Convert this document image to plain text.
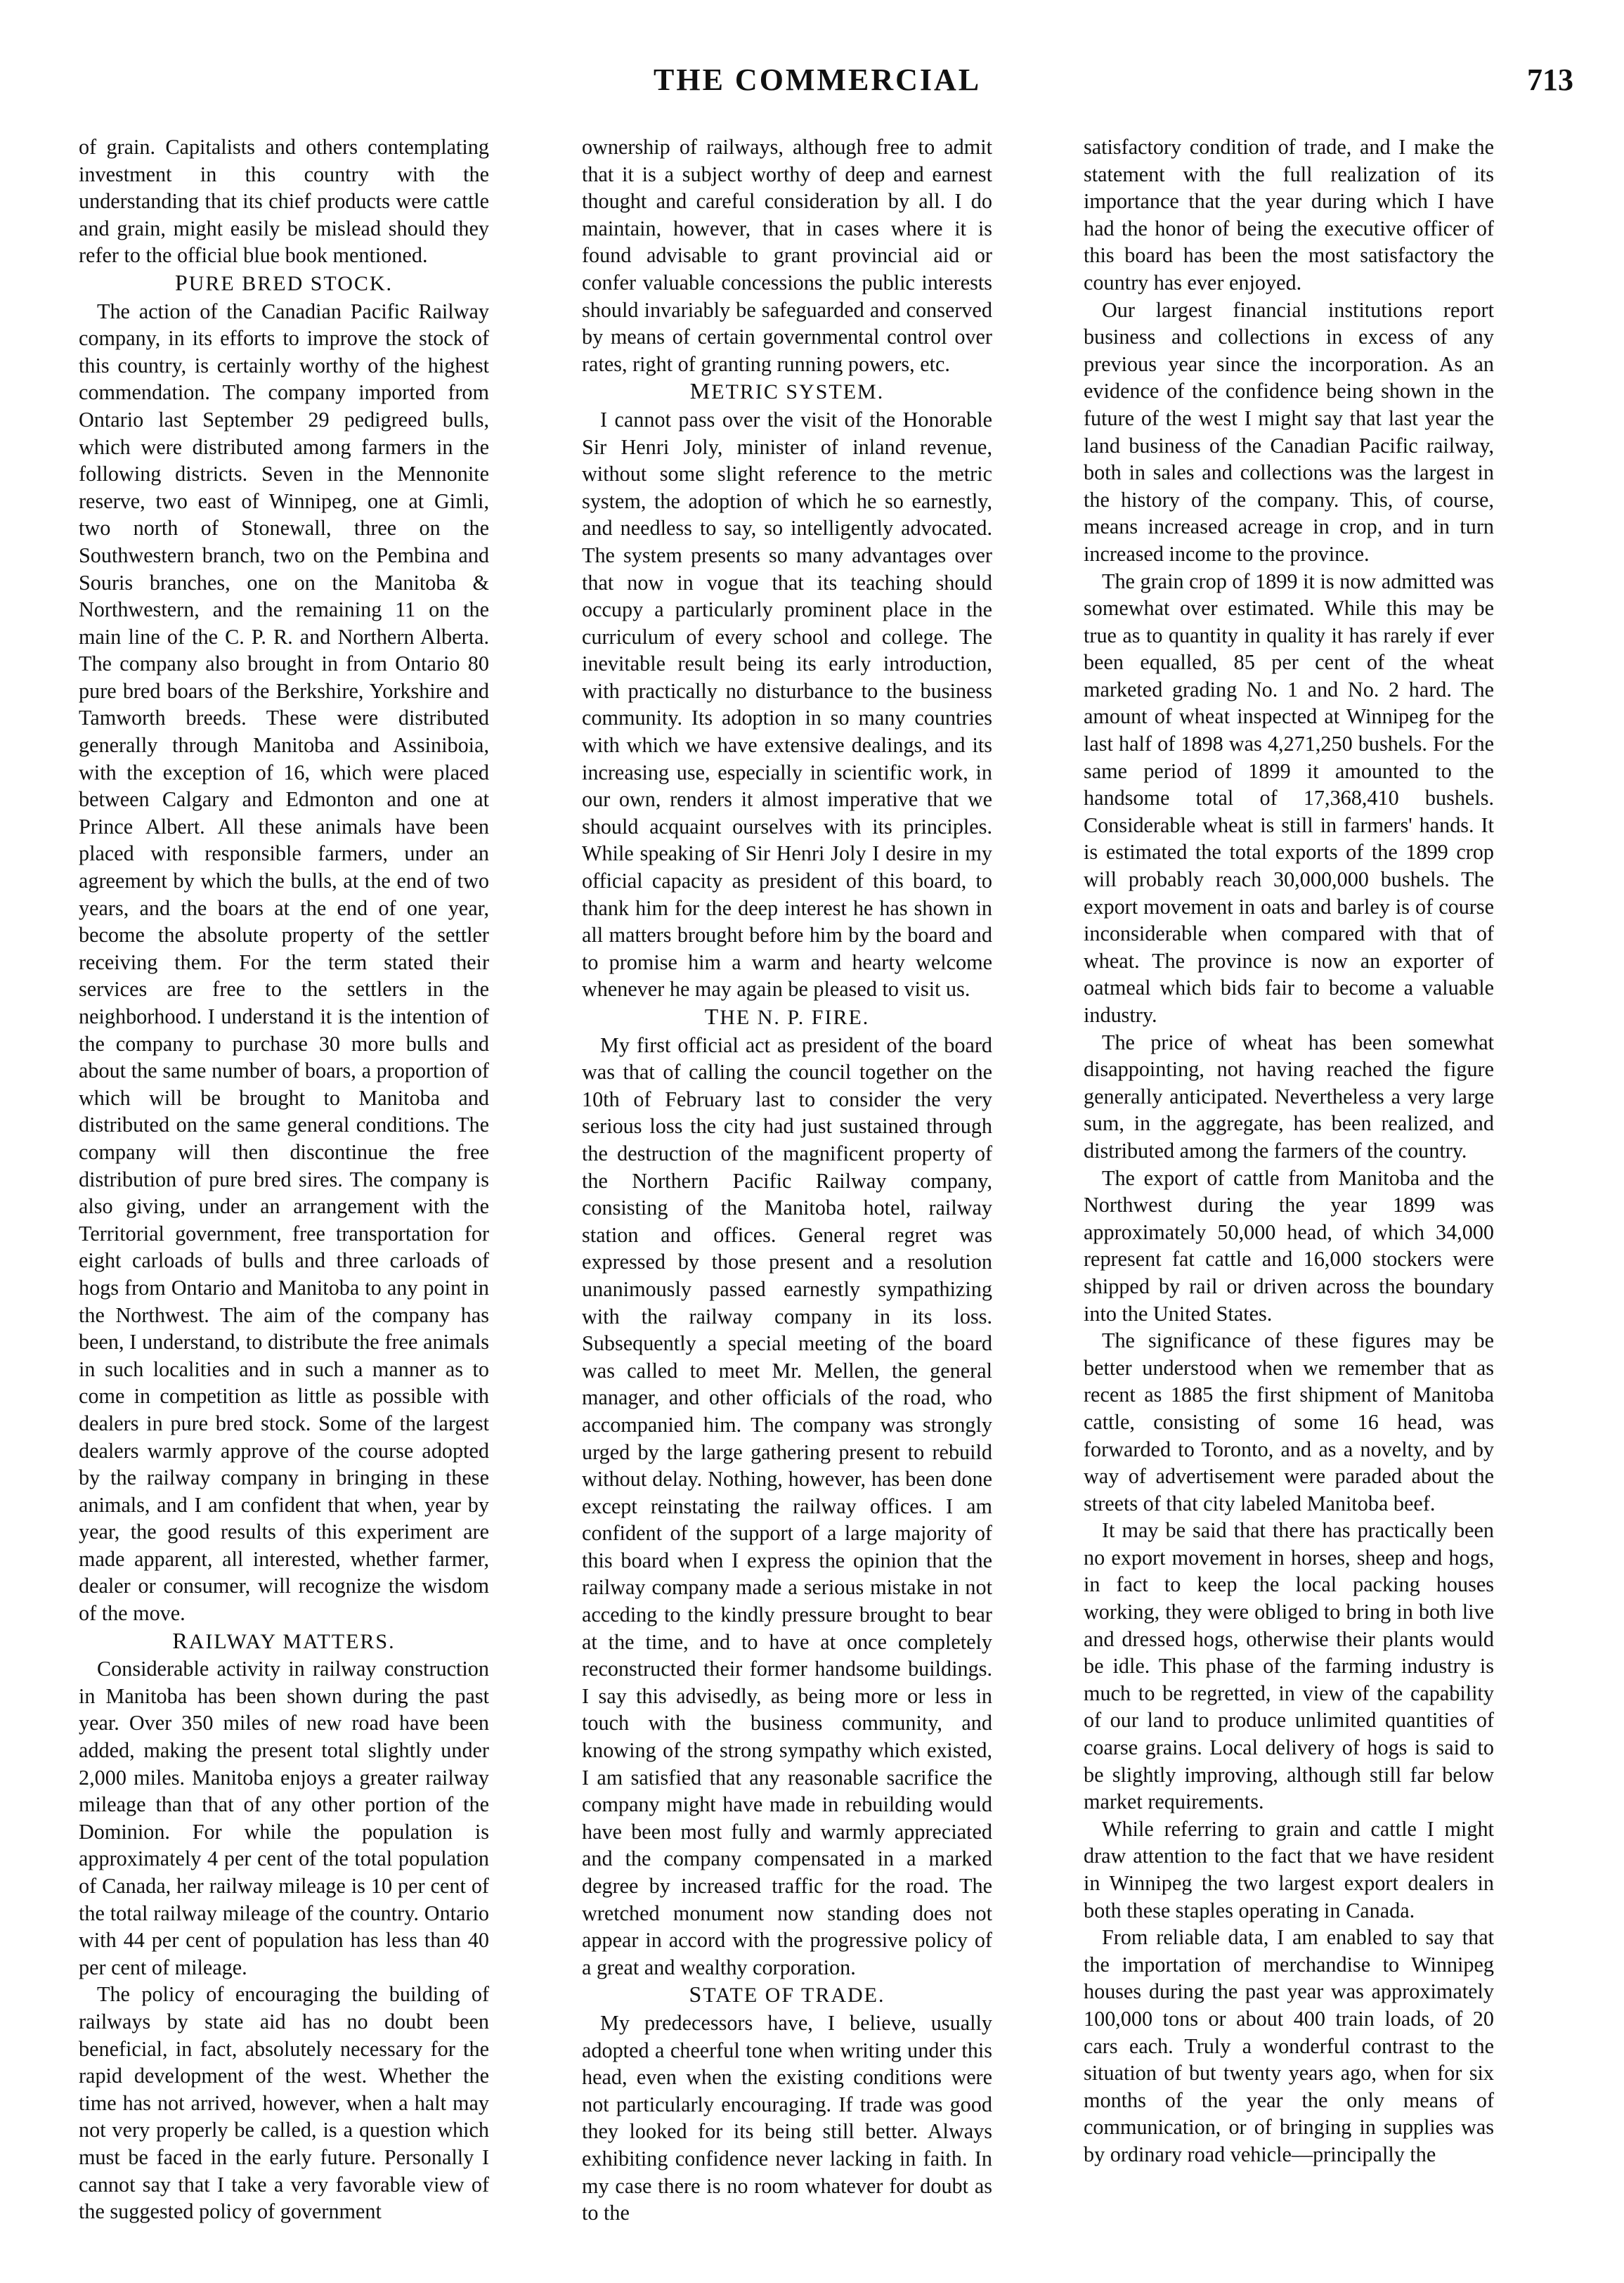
THE COMMERCIAL	713

of grain. Capitalists and others contemplating investment in this country with the understanding that its chief products were cattle and grain, might easily be mislead should they refer to the official blue book mentioned.

PURE BRED STOCK.

The action of the Canadian Pacific Railway company, in its efforts to improve the stock of this country, is certainly worthy of the highest commendation. The company imported from Ontario last September 29 pedigreed bulls, which were distributed among farmers in the following districts. Seven in the Mennonite reserve, two east of Winnipeg, one at Gimli, two north of Stonewall, three on the Southwestern branch, two on the Pembina and Souris branches, one on the Manitoba & Northwestern, and the remaining 11 on the main line of the C. P. R. and Northern Alberta. The company also brought in from Ontario 80 pure bred boars of the Berkshire, Yorkshire and Tamworth breeds. These were distributed generally through Manitoba and Assiniboia, with the exception of 16, which were placed between Calgary and Edmonton and one at Prince Albert. All these animals have been placed with responsible farmers, under an agreement by which the bulls, at the end of two years, and the boars at the end of one year, become the absolute property of the settler receiving them. For the term stated their services are free to the settlers in the neighborhood. I understand it is the intention of the company to purchase 30 more bulls and about the same number of boars, a proportion of which will be brought to Manitoba and distributed on the same general conditions. The company will then discontinue the free distribution of pure bred sires. The company is also giving, under an arrangement with the Territorial government, free transportation for eight carloads of bulls and three carloads of hogs from Ontario and Manitoba to any point in the Northwest. The aim of the company has been, I understand, to distribute the free animals in such localities and in such a manner as to come in competition as little as possible with dealers in pure bred stock. Some of the largest dealers warmly approve of the course adopted by the railway company in bringing in these animals, and I am confident that when, year by year, the good results of this experiment are made apparent, all interested, whether farmer, dealer or consumer, will recognize the wisdom of the move.

RAILWAY MATTERS.

Considerable activity in railway construction in Manitoba has been shown during the past year. Over 350 miles of new road have been added, making the present total slightly under 2,000 miles. Manitoba enjoys a greater railway mileage than that of any other portion of the Dominion. For while the population is approximately 4 per cent of the total population of Canada, her railway mileage is 10 per cent of the total railway mileage of the country. Ontario with 44 per cent of population has less than 40 per cent of mileage.

The policy of encouraging the building of railways by state aid has no doubt been beneficial, in fact, absolutely necessary for the rapid development of the west. Whether the time has not arrived, however, when a halt may not very properly be called, is a question which must be faced in the early future. Personally I cannot say that I take a very favorable view of the suggested policy of government

ownership of railways, although free to admit that it is a subject worthy of deep and earnest thought and careful consideration by all. I do maintain, however, that in cases where it is found advisable to grant provincial aid or confer valuable concessions the public interests should invariably be safeguarded and conserved by means of certain governmental control over rates, right of granting running powers, etc.

METRIC SYSTEM.

I cannot pass over the visit of the Honorable Sir Henri Joly, minister of inland revenue, without some slight reference to the metric system, the adoption of which he so earnestly, and needless to say, so intelligently advocated. The system presents so many advantages over that now in vogue that its teaching should occupy a particularly prominent place in the curriculum of every school and college. The inevitable result being its early introduction, with practically no disturbance to the business community. Its adoption in so many countries with which we have extensive dealings, and its increasing use, especially in scientific work, in our own, renders it almost imperative that we should acquaint ourselves with its principles. While speaking of Sir Henri Joly I desire in my official capacity as president of this board, to thank him for the deep interest he has shown in all matters brought before him by the board and to promise him a warm and hearty welcome whenever he may again be pleased to visit us.

THE N. P. FIRE.

My first official act as president of the board was that of calling the council together on the 10th of February last to consider the very serious loss the city had just sustained through the destruction of the magnificent property of the Northern Pacific Railway company, consisting of the Manitoba hotel, railway station and offices. General regret was expressed by those present and a resolution unanimously passed earnestly sympathizing with the railway company in its loss. Subsequently a special meeting of the board was called to meet Mr. Mellen, the general manager, and other officials of the road, who accompanied him. The company was strongly urged by the large gathering present to rebuild without delay. Nothing, however, has been done except reinstating the railway offices. I am confident of the support of a large majority of this board when I express the opinion that the railway company made a serious mistake in not acceding to the kindly pressure brought to bear at the time, and to have at once completely reconstructed their former handsome buildings. I say this advisedly, as being more or less in touch with the business community, and knowing of the strong sympathy which existed, I am satisfied that any reasonable sacrifice the company might have made in rebuilding would have been most fully and warmly appreciated and the company compensated in a marked degree by increased traffic for the road. The wretched monument now standing does not appear in accord with the progressive policy of a great and wealthy corporation.

STATE OF TRADE.

My predecessors have, I believe, usually adopted a cheerful tone when writing under this head, even when the existing conditions were not particularly encouraging. If trade was good they looked for its being still better. Always exhibiting confidence never lacking in faith. In my case there is no room whatever for doubt as to the

satisfactory condition of trade, and I make the statement with the full realization of its importance that the year during which I have had the honor of being the executive officer of this board has been the most satisfactory the country has ever enjoyed.

Our largest financial institutions report business and collections in excess of any previous year since the incorporation. As an evidence of the confidence being shown in the future of the west I might say that last year the land business of the Canadian Pacific railway, both in sales and collections was the largest in the history of the company. This, of course, means increased acreage in crop, and in turn increased income to the province.

The grain crop of 1899 it is now admitted was somewhat over estimated. While this may be true as to quantity in quality it has rarely if ever been equalled, 85 per cent of the wheat marketed grading No. 1 and No. 2 hard. The amount of wheat inspected at Winnipeg for the last half of 1898 was 4,271,250 bushels. For the same period of 1899 it amounted to the handsome total of 17,368,410 bushels. Considerable wheat is still in farmers' hands. It is estimated the total exports of the 1899 crop will probably reach 30,000,000 bushels. The export movement in oats and barley is of course inconsiderable when compared with that of wheat. The province is now an exporter of oatmeal which bids fair to become a valuable industry.

The price of wheat has been somewhat disappointing, not having reached the figure generally anticipated. Nevertheless a very large sum, in the aggregate, has been realized, and distributed among the farmers of the country.

The export of cattle from Manitoba and the Northwest during the year 1899 was approximately 50,000 head, of which 34,000 represent fat cattle and 16,000 stockers were shipped by rail or driven across the boundary into the United States.

The significance of these figures may be better understood when we remember that as recent as 1885 the first shipment of Manitoba cattle, consisting of some 16 head, was forwarded to Toronto, and as a novelty, and by way of advertisement were paraded about the streets of that city labeled Manitoba beef.

It may be said that there has practically been no export movement in horses, sheep and hogs, in fact to keep the local packing houses working, they were obliged to bring in both live and dressed hogs, otherwise their plants would be idle. This phase of the farming industry is much to be regretted, in view of the capability of our land to produce unlimited quantities of coarse grains. Local delivery of hogs is said to be slightly improving, although still far below market requirements.

While referring to grain and cattle I might draw attention to the fact that we have resident in Winnipeg the two largest export dealers in both these staples operating in Canada.

From reliable data, I am enabled to say that the importation of merchandise to Winnipeg houses during the past year was approximately 100,000 tons or about 400 train loads, of 20 cars each. Truly a wonderful contrast to the situation of but twenty years ago, when for six months of the year the only means of communication, or of bringing in supplies was by ordinary road vehicle—principally the
